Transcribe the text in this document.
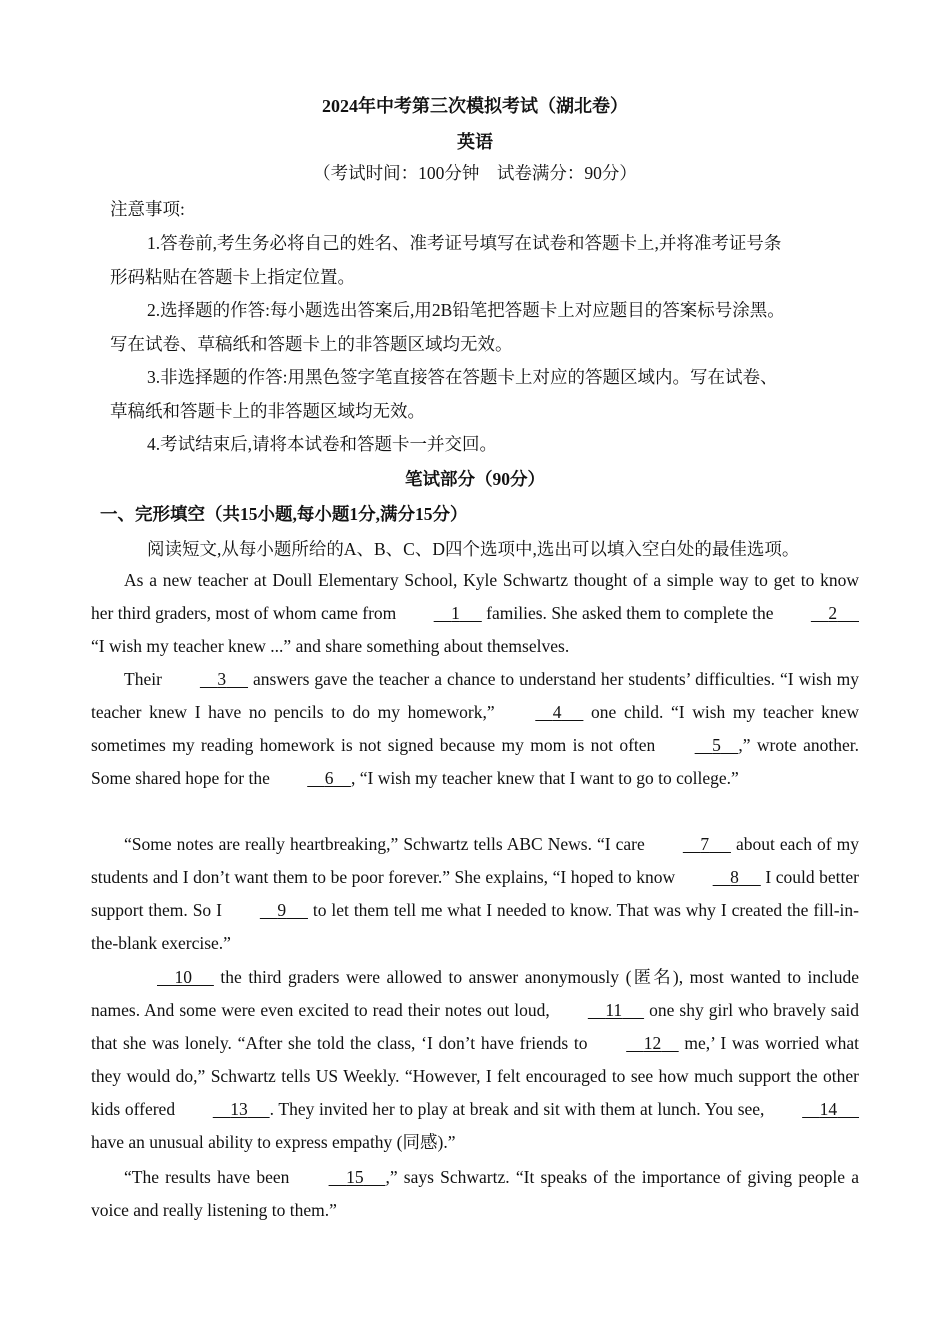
2024年中考第三次模拟考试（湖北卷）
英语
（考试时间：100分钟　试卷满分：90分）
注意事项:
1.答卷前,考生务必将自己的姓名、准考证号填写在试卷和答题卡上,并将准考证号条
形码粘贴在答题卡上指定位置。
2.选择题的作答:每小题选出答案后,用2B铅笔把答题卡上对应题目的答案标号涂黑。
写在试卷、草稿纸和答题卡上的非答题区域均无效。
3.非选择题的作答:用黑色签字笔直接答在答题卡上对应的答题区域内。写在试卷、
草稿纸和答题卡上的非答题区域均无效。
4.考试结束后,请将本试卷和答题卡一并交回。
笔试部分（90分）
一、完形填空（共15小题,每小题1分,满分15分）
阅读短文,从每小题所给的A、B、C、D四个选项中,选出可以填入空白处的最佳选项。
As a new teacher at Doull Elementary School, Kyle Schwartz thought of a simple way to get to know her third graders, most of whom came from	1      families. She asked them to complete the	2      “I wish my teacher knew ...” and share something about themselves.
Their	3      answers gave the teacher a chance to understand her students’ difficulties. “I wish my teacher knew I have no pencils to do my homework,”	4      one child. “I wish my teacher knew sometimes my reading homework is not signed because my mom is not often	5 ,” wrote another. Some shared hope for the	6 , “I wish my teacher knew that I want to go to college.”
“Some notes are really heartbreaking,” Schwartz tells ABC News. “I care	7      about each of my students and I don’t want them to be poor forever.” She explains, “I hoped to know	8      I could better support them. So I	9      to let them tell me what I needed to know. That was why I created the fill-in-the-blank exercise.”
10      the third graders were allowed to answer anonymously (匿名), most wanted to include names. And some were even excited to read their notes out loud,	11      one shy girl who bravely said that she was lonely. “After she told the class, ‘I don’t have friends to	12     me,’ I was worried what they would do,” Schwartz tells US Weekly. “However, I felt encouraged to see how much support the other kids offered	13 . They invited her to play at break and sit with them at lunch. You see,	14      have an unusual ability to express empathy (同感).”
“The results have been	15 ,” says Schwartz. “It speaks of the importance of giving people a voice and really listening to them.”
